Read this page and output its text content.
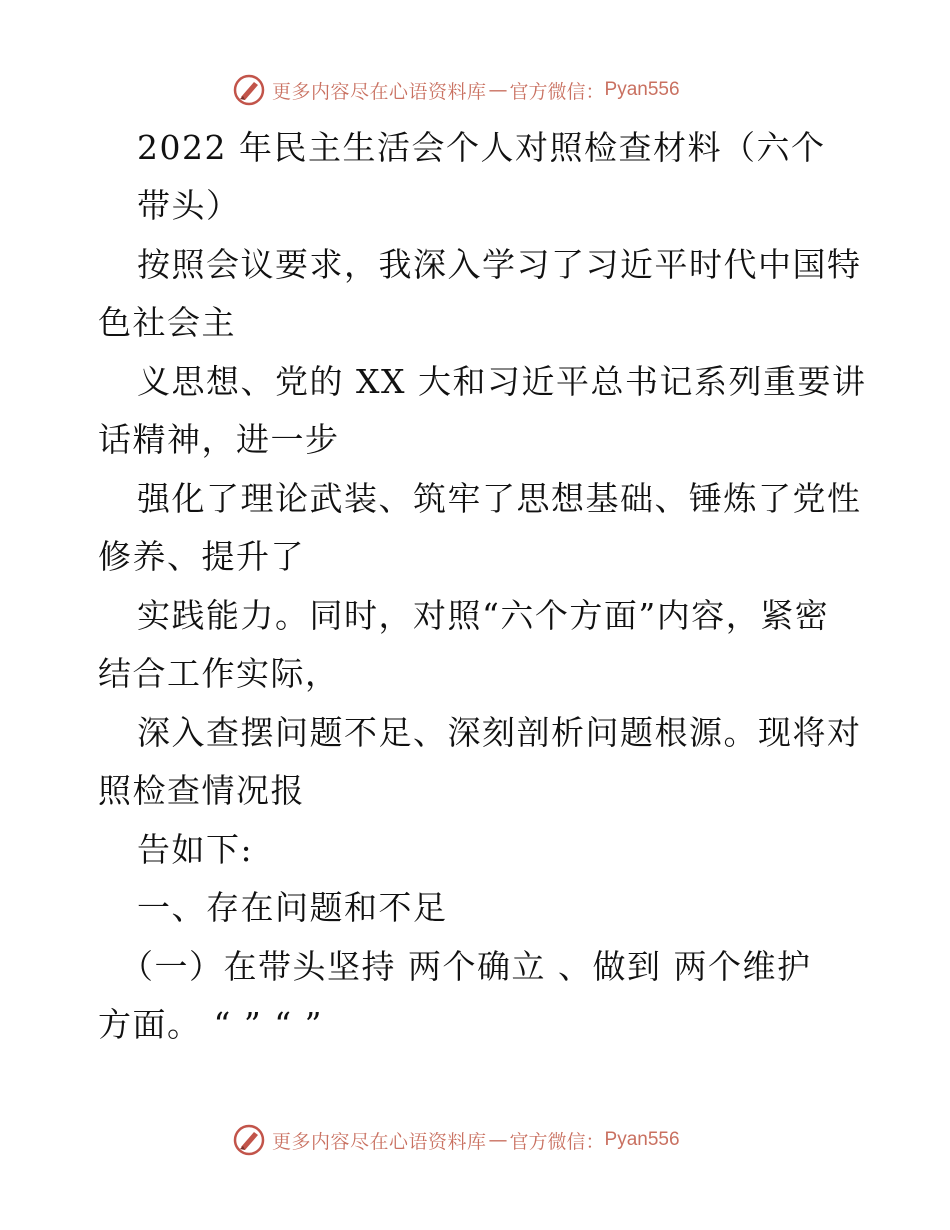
更多内容尽在心语资料库 — 官方微信： Pyan556
2022 年民主生活会个人对照检查材料（六个
带头）
按照会议要求，我深入学习了习近平时代中国特
色社会主
义思想、党的 XX 大和习近平总书记系列重要讲
话精神，进一步
强化了理论武装、筑牢了思想基础、锤炼了党性
修养、提升了
实践能力。同时，对照“六个方面”内容，紧密
结合工作实际，
深入查摆问题不足、深刻剖析问题根源。现将对
照检查情况报
告如下:
一、存在问题和不足
（一）在带头坚持 两个确立 、做到 两个维护
方面。 “ ” “ ”
更多内容尽在心语资料库 — 官方微信： Pyan556
